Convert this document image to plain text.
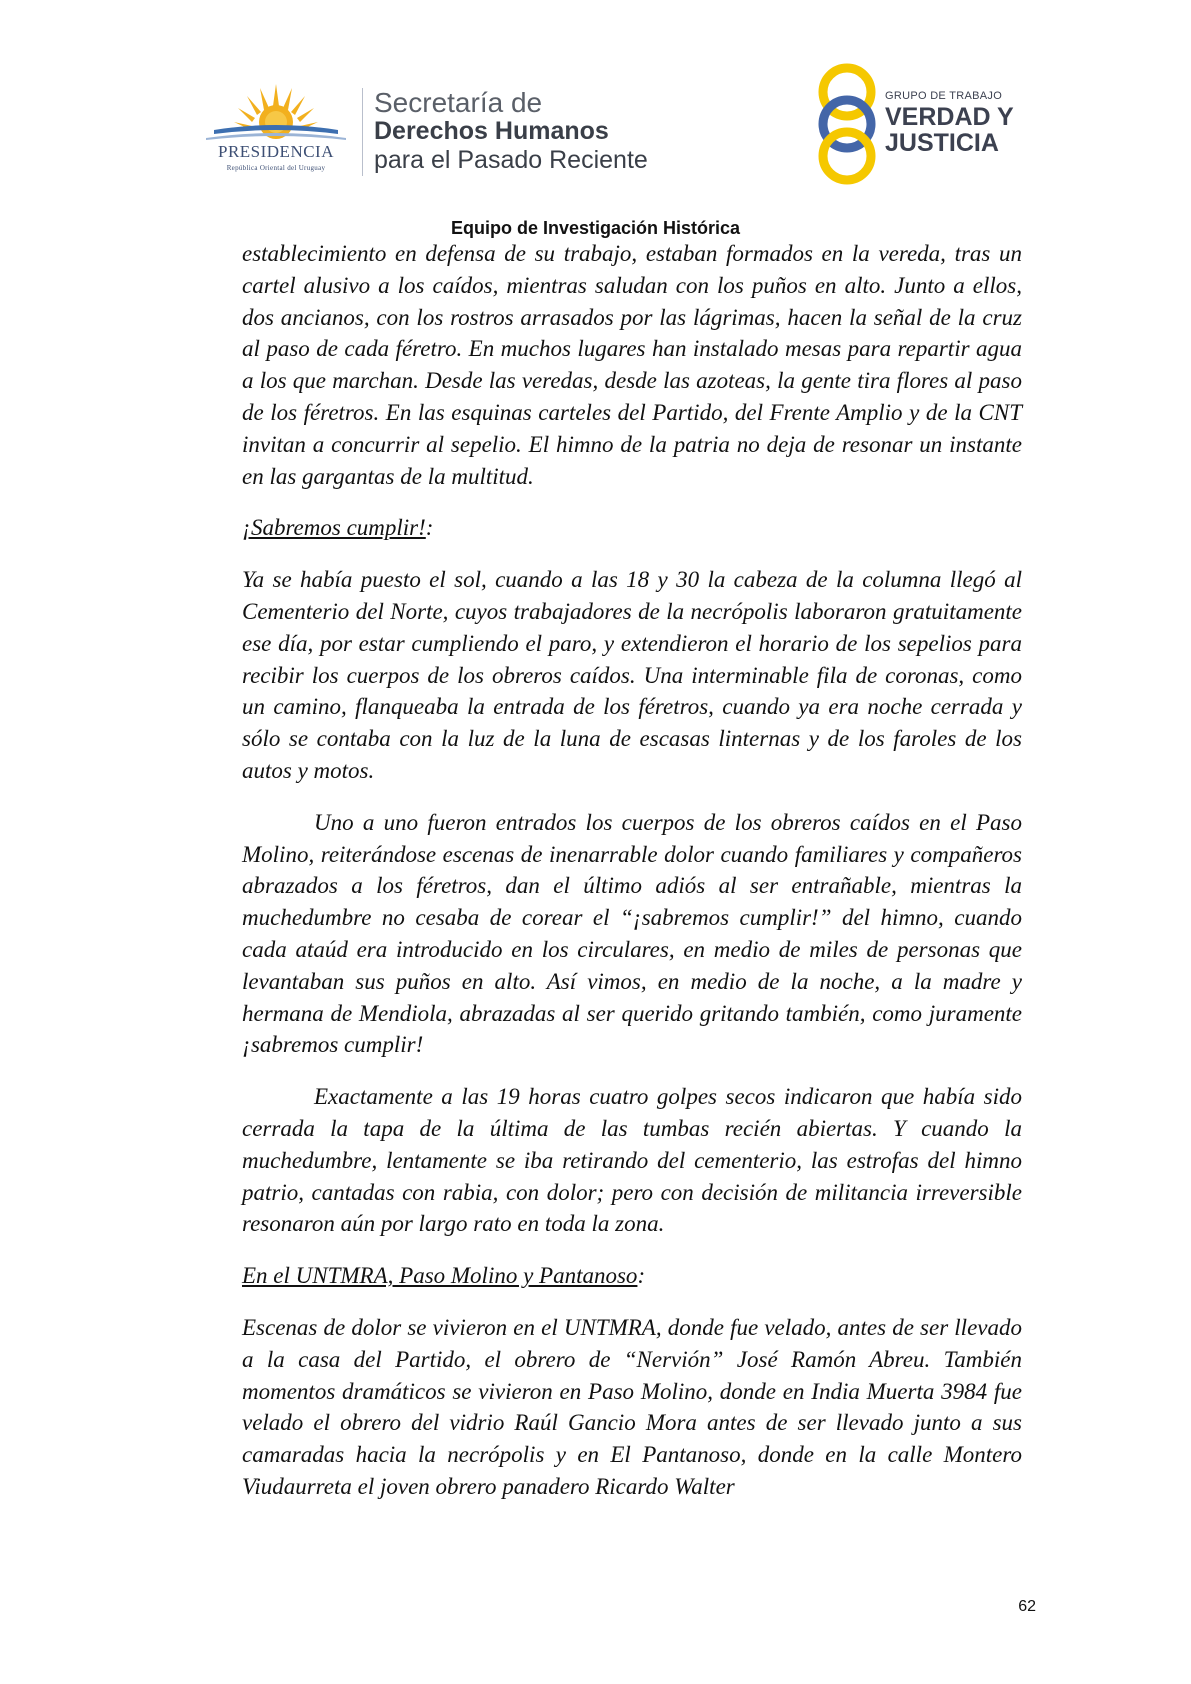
PRESIDENCIA
República Oriental del Uruguay
Secretaría de
Derechos Humanos
para el Pasado Reciente
GRUPO DE TRABAJO
VERDAD Y
JUSTICIA
Equipo de Investigación Histórica

establecimiento en defensa de su trabajo, estaban formados en la vereda, tras un cartel alusivo a los caídos, mientras saludan con los puños en alto. Junto a ellos, dos ancianos, con los rostros arrasados por las lágrimas, hacen la señal de la cruz al paso de cada féretro. En muchos lugares han instalado mesas para repartir agua a los que marchan. Desde las veredas, desde las azoteas, la gente tira flores al paso de los féretros. En las esquinas carteles del Partido, del Frente Amplio y de la CNT invitan a concurrir al sepelio. El himno de la patria no deja de resonar un instante en las gargantas de la multitud.

¡Sabremos cumplir!:

Ya se había puesto el sol, cuando a las 18 y 30 la cabeza de la columna llegó al Cementerio del Norte, cuyos trabajadores de la necrópolis laboraron gratuitamente ese día, por estar cumpliendo el paro, y extendieron el horario de los sepelios para recibir los cuerpos de los obreros caídos. Una interminable fila de coronas, como un camino, flanqueaba la entrada de los féretros, cuando ya era noche cerrada y sólo se contaba con la luz de la luna de escasas linternas y de los faroles de los autos y motos.

Uno a uno fueron entrados los cuerpos de los obreros caídos en el Paso Molino, reiterándose escenas de inenarrable dolor cuando familiares y compañeros abrazados a los féretros, dan el último adiós al ser entrañable, mientras la muchedumbre no cesaba de corear el “¡sabremos cumplir!” del himno, cuando cada ataúd era introducido en los circulares, en medio de miles de personas que levantaban sus puños en alto. Así vimos, en medio de la noche, a la madre y hermana de Mendiola, abrazadas al ser querido gritando también, como juramente ¡sabremos cumplir!

Exactamente a las 19 horas cuatro golpes secos indicaron que había sido cerrada la tapa de la última de las tumbas recién abiertas. Y cuando la muchedumbre, lentamente se iba retirando del cementerio, las estrofas del himno patrio, cantadas con rabia, con dolor; pero con decisión de militancia irreversible resonaron aún por largo rato en toda la zona.

En el UNTMRA, Paso Molino y Pantanoso:

Escenas de dolor se vivieron en el UNTMRA, donde fue velado, antes de ser llevado a la casa del Partido, el obrero de “Nervión” José Ramón Abreu. También momentos dramáticos se vivieron en Paso Molino, donde en India Muerta 3984 fue velado el obrero del vidrio Raúl Gancio Mora antes de ser llevado junto a sus camaradas hacia la necrópolis y en El Pantanoso, donde en la calle Montero Viudaurreta el joven obrero panadero Ricardo Walter

62
